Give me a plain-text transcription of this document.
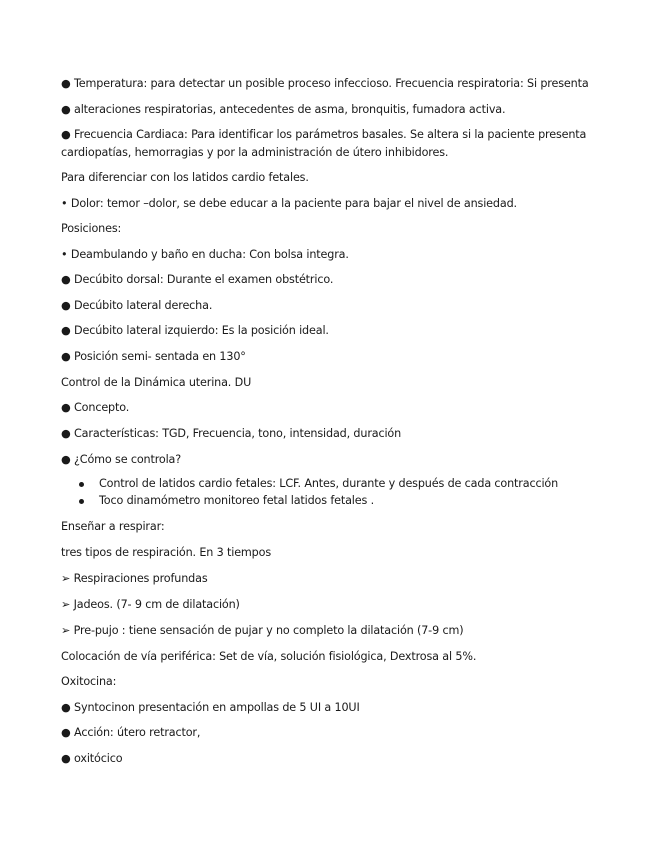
● Temperatura: para detectar un posible proceso infeccioso. Frecuencia respiratoria: Si presenta
● alteraciones respiratorias, antecedentes de asma, bronquitis, fumadora activa.
● Frecuencia Cardiaca: Para identificar los parámetros basales. Se altera si la paciente presenta cardiopatías, hemorragias y por la administración de útero inhibidores.
Para diferenciar con los latidos cardio fetales.
• Dolor: temor –dolor, se debe educar a la paciente para bajar el nivel de ansiedad.
Posiciones:
• Deambulando y baño en ducha: Con bolsa integra.
● Decúbito dorsal: Durante el examen obstétrico.
● Decúbito lateral derecha.
● Decúbito lateral izquierdo: Es la posición ideal.
● Posición semi- sentada en 130°
Control de la Dinámica uterina. DU
● Concepto.
● Características: TGD, Frecuencia, tono, intensidad, duración
● ¿Cómo se controla?
Control de latidos cardio fetales: LCF. Antes, durante y después de cada contracción
Toco dinamómetro monitoreo fetal latidos fetales .
Enseñar a respirar:
tres tipos de respiración. En 3 tiempos
➢ Respiraciones profundas
➢ Jadeos. (7- 9 cm de dilatación)
➢ Pre-pujo : tiene sensación de pujar y no completo la dilatación (7-9 cm)
Colocación de vía periférica: Set de vía, solución fisiológica, Dextrosa al 5%.
Oxitocina:
● Syntocinon presentación en ampollas de 5 UI a 10UI
● Acción: útero retractor,
● oxitócico
